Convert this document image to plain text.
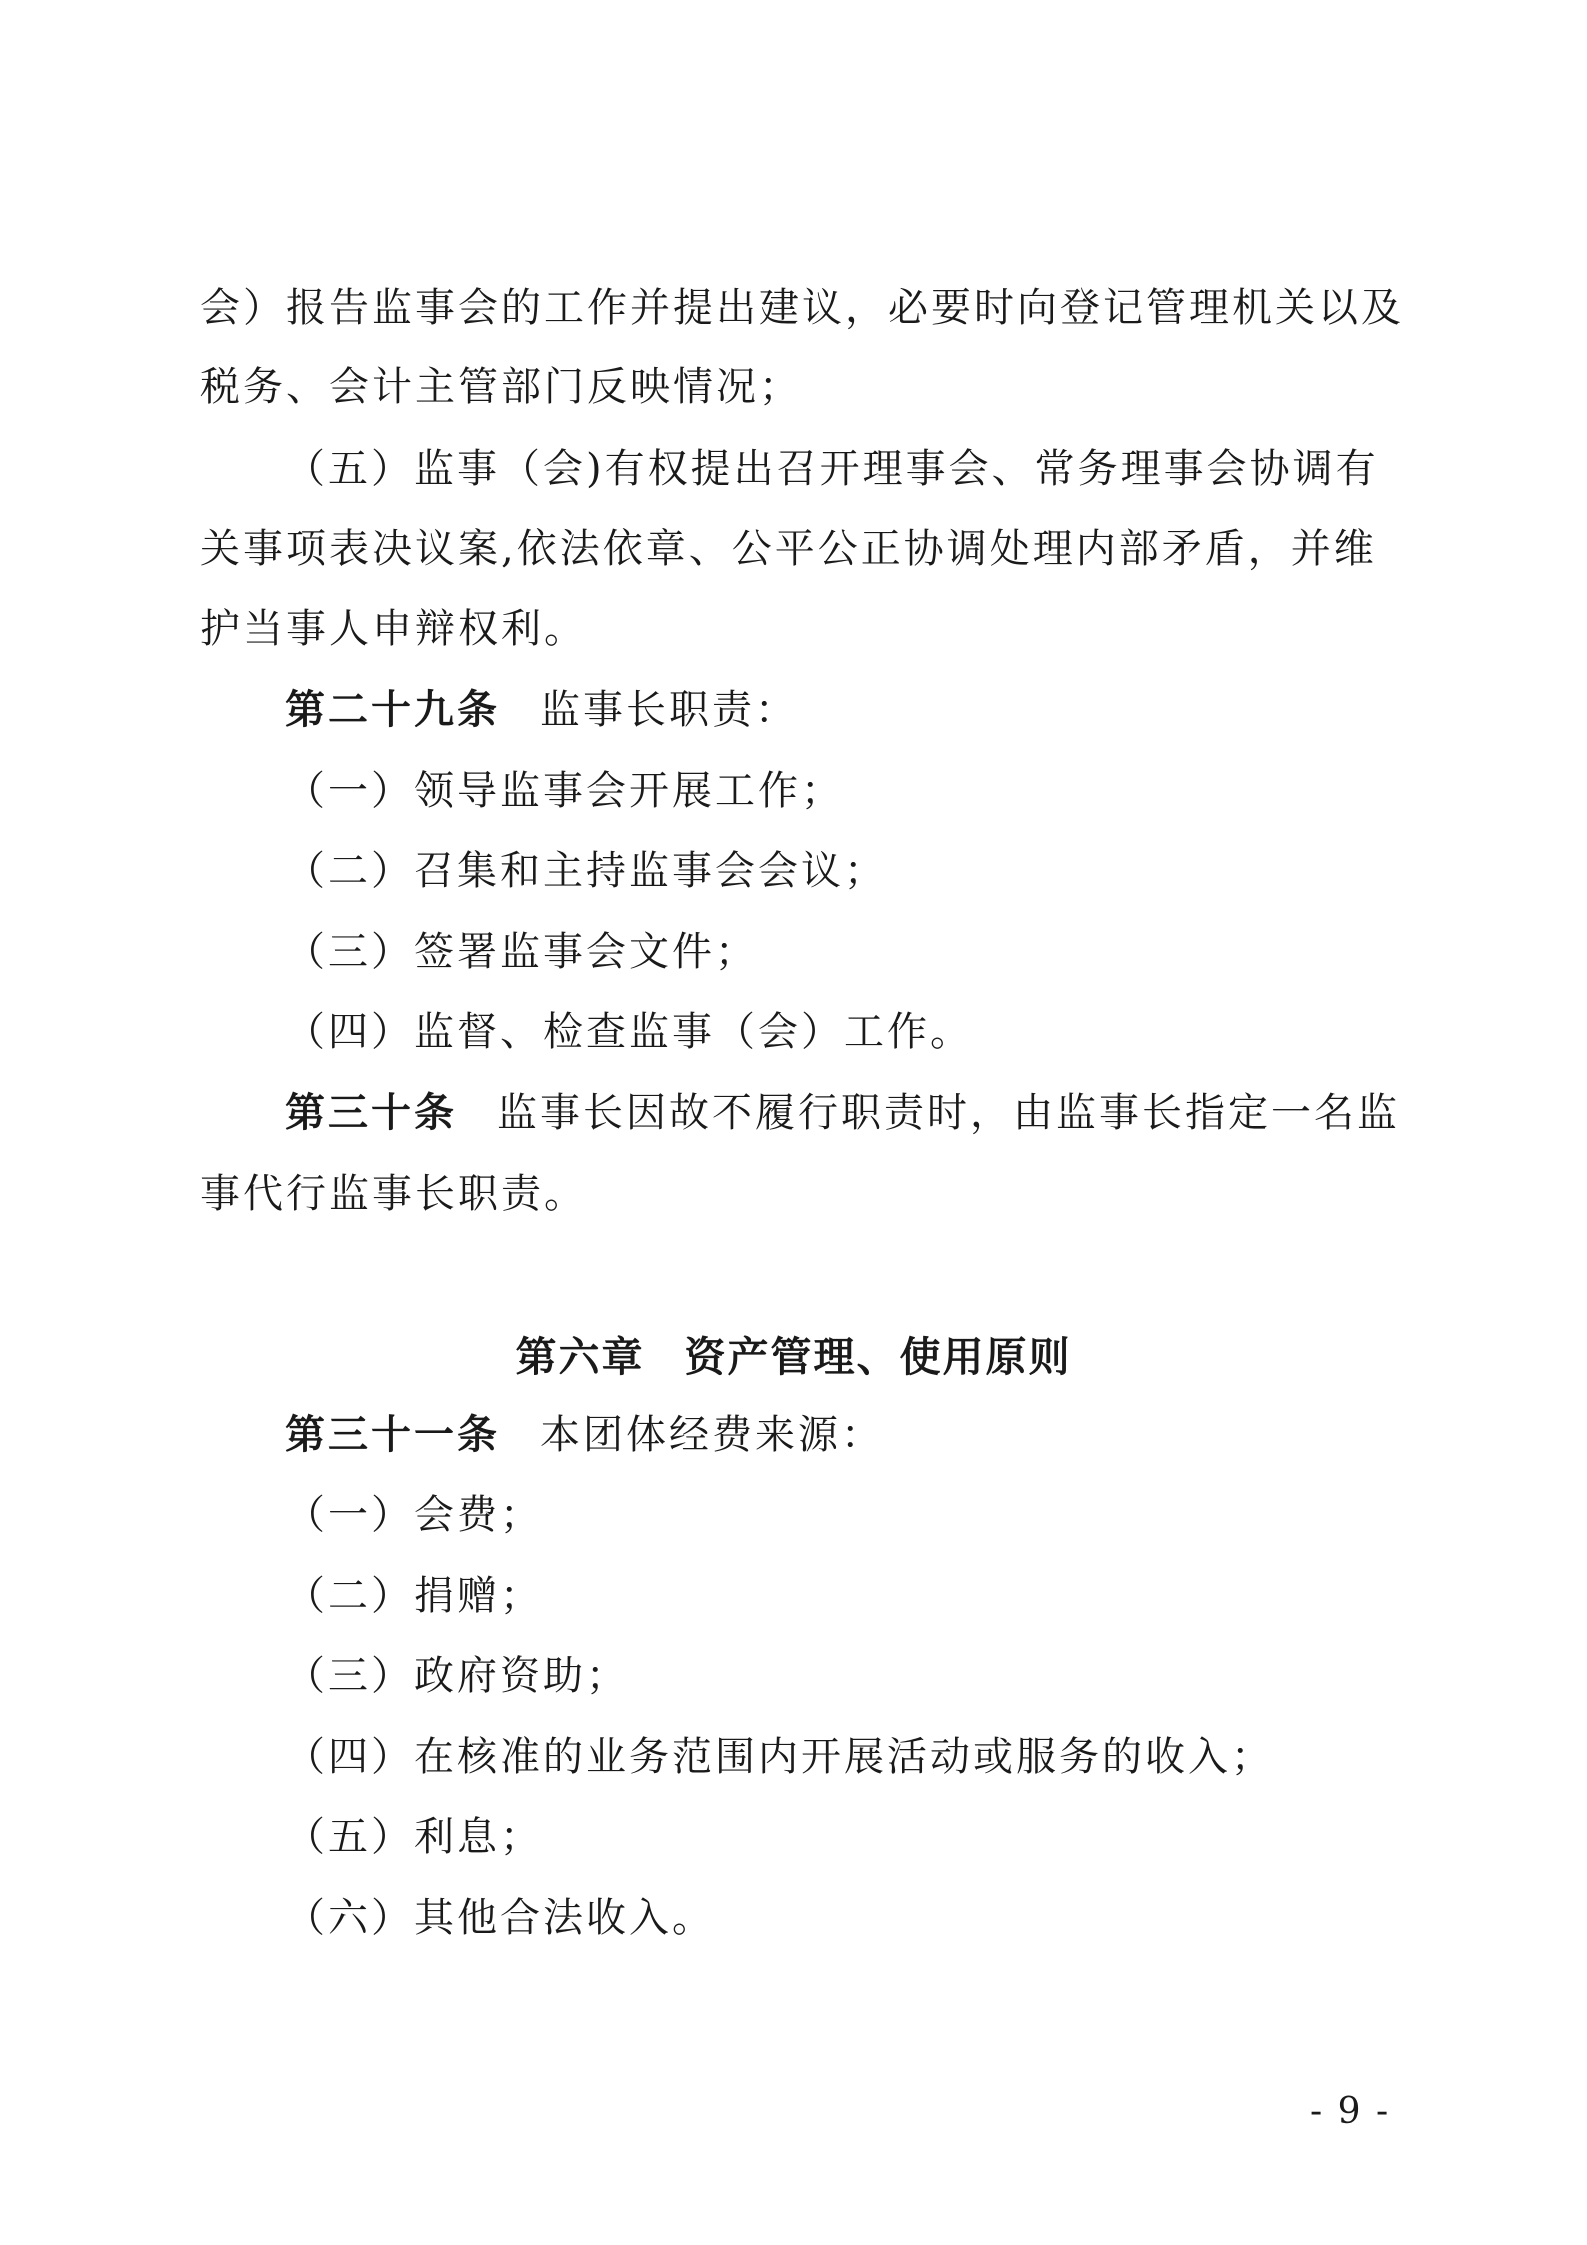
会）报告监事会的工作并提出建议，必要时向登记管理机关以及
税务、会计主管部门反映情况；
（五）监事（会)有权提出召开理事会、常务理事会协调有
关事项表决议案,依法依章、公平公正协调处理内部矛盾，并维
护当事人申辩权利。
第二十九条 监事长职责：
（一）领导监事会开展工作；
（二）召集和主持监事会会议；
（三）签署监事会文件；
（四）监督、检查监事（会）工作。
第三十条 监事长因故不履行职责时，由监事长指定一名监
事代行监事长职责。
第六章 资产管理、使用原则
第三十一条 本团体经费来源：
（一）会费；
（二）捐赠；
（三）政府资助；
（四）在核准的业务范围内开展活动或服务的收入；
（五）利息；
（六）其他合法收入。
- 9 -
